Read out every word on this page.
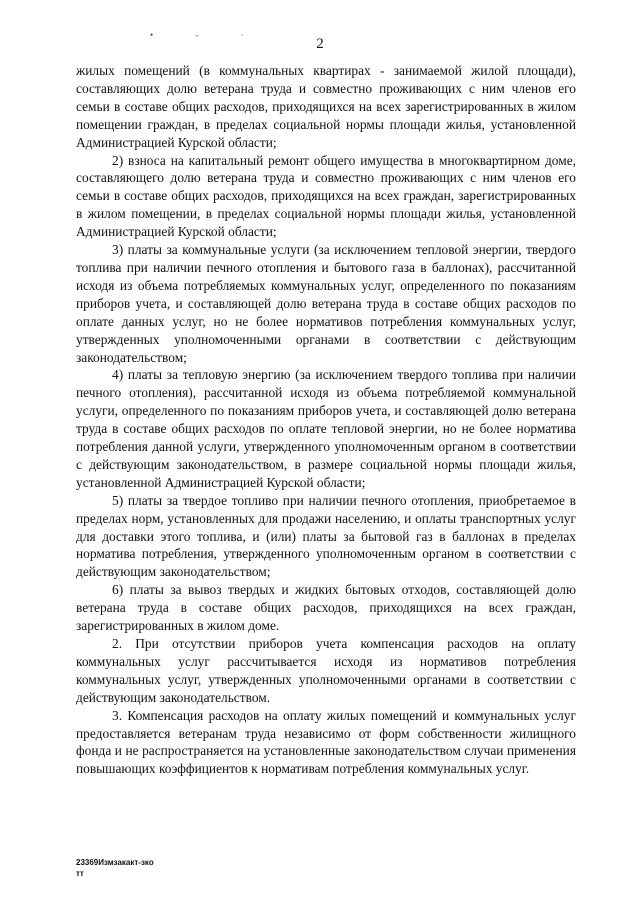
• ‐ ·
2

жилых помещений (в коммунальных квартирах - занимаемой жилой площади), составляющих долю ветерана труда и совместно проживающих с ним членов его семьи в составе общих расходов, приходящихся на всех зарегистрированных в жилом помещении граждан, в пределах социальной нормы площади жилья, установленной Администрацией Курской области;

2) взноса на капитальный ремонт общего имущества в многоквартирном доме, составляющего долю ветерана труда и совместно проживающих с ним членов его семьи в составе общих расходов, приходящихся на всех граждан, зарегистрированных в жилом помещении, в пределах социальной нормы площади жилья, установленной Администрацией Курской области;

3) платы за коммунальные услуги (за исключением тепловой энергии, твердого топлива при наличии печного отопления и бытового газа в баллонах), рассчитанной исходя из объема потребляемых коммунальных услуг, определенного по показаниям приборов учета, и составляющей долю ветерана труда в составе общих расходов по оплате данных услуг, но не более нормативов потребления коммунальных услуг, утвержденных уполномоченными органами в соответствии с действующим законодательством;

4) платы за тепловую энергию (за исключением твердого топлива при наличии печного отопления), рассчитанной исходя из объема потребляемой коммунальной услуги, определенного по показаниям приборов учета, и составляющей долю ветерана труда в составе общих расходов по оплате тепловой энергии, но не более норматива потребления данной услуги, утвержденного уполномоченным органом в соответствии с действующим законодательством, в размере социальной нормы площади жилья, установленной Администрацией Курской области;

5) платы за твердое топливо при наличии печного отопления, приобретаемое в пределах норм, установленных для продажи населению, и оплаты транспортных услуг для доставки этого топлива, и (или) платы за бытовой газ в баллонах в пределах норматива потребления, утвержденного уполномоченным органом в соответствии с действующим законодательством;

6) платы за вывоз твердых и жидких бытовых отходов, составляющей долю ветерана труда в составе общих расходов, приходящихся на всех граждан, зарегистрированных в жилом доме.

2. При отсутствии приборов учета компенсация расходов на оплату коммунальных услуг рассчитывается исходя из нормативов потребления коммунальных услуг, утвержденных уполномоченными органами в соответствии с действующим законодательством.

3. Компенсация расходов на оплату жилых помещений и коммунальных услуг предоставляется ветеранам труда независимо от форм собственности жилищного фонда и не распространяется на установленные законодательством случаи применения повышающих коэффициентов к нормативам потребления коммунальных услуг.

23369Измзакакт-зко
тт
